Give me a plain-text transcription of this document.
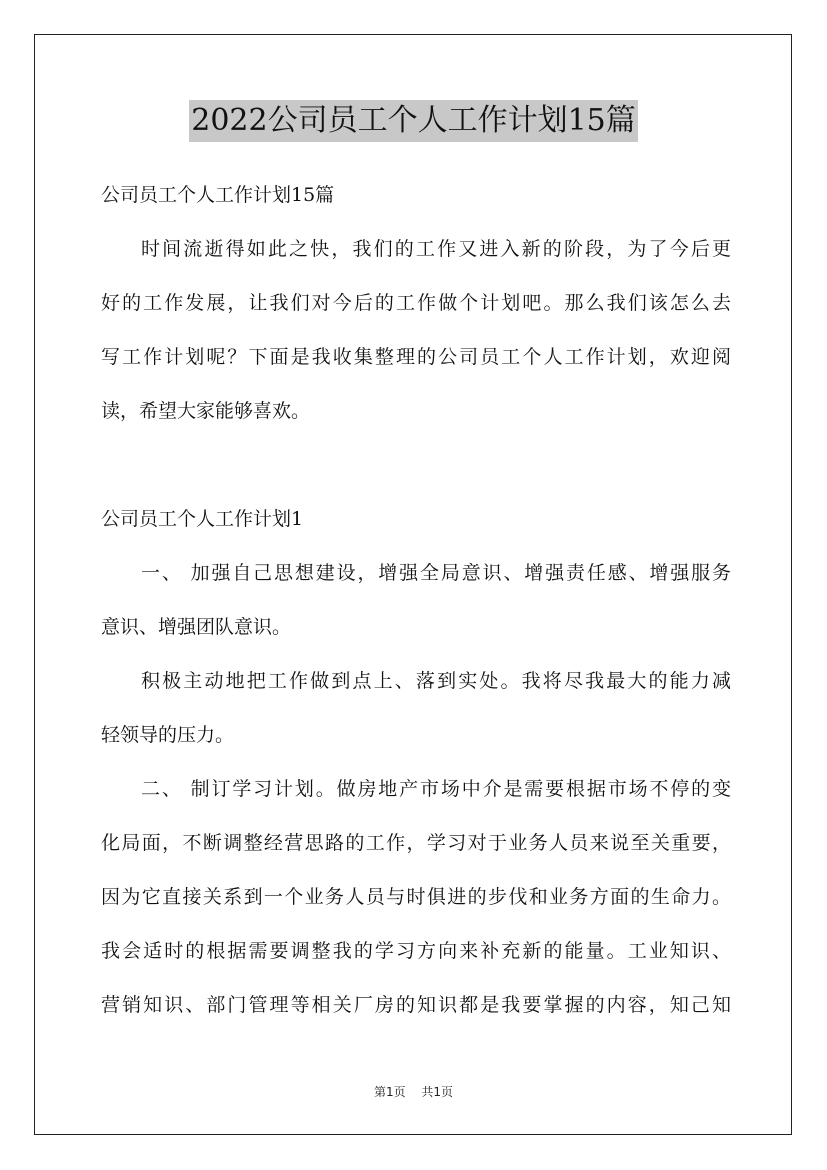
2022公司员工个人工作计划15篇
公司员工个人工作计划15篇
时间流逝得如此之快，我们的工作又进入新的阶段，为了今后更
好的工作发展，让我们对今后的工作做个计划吧。那么我们该怎么去
写工作计划呢？下面是我收集整理的公司员工个人工作计划，欢迎阅
读，希望大家能够喜欢。
公司员工个人工作计划1
一、 加强自己思想建设，增强全局意识、增强责任感、增强服务
意识、增强团队意识。
积极主动地把工作做到点上、落到实处。我将尽我最大的能力减
轻领导的压力。
二、 制订学习计划。做房地产市场中介是需要根据市场不停的变
化局面，不断调整经营思路的工作，学习对于业务人员来说至关重要，
因为它直接关系到一个业务人员与时俱进的步伐和业务方面的生命力。
我会适时的根据需要调整我的学习方向来补充新的能量。工业知识、
营销知识、部门管理等相关厂房的知识都是我要掌握的内容，知己知
第1页 共1页
